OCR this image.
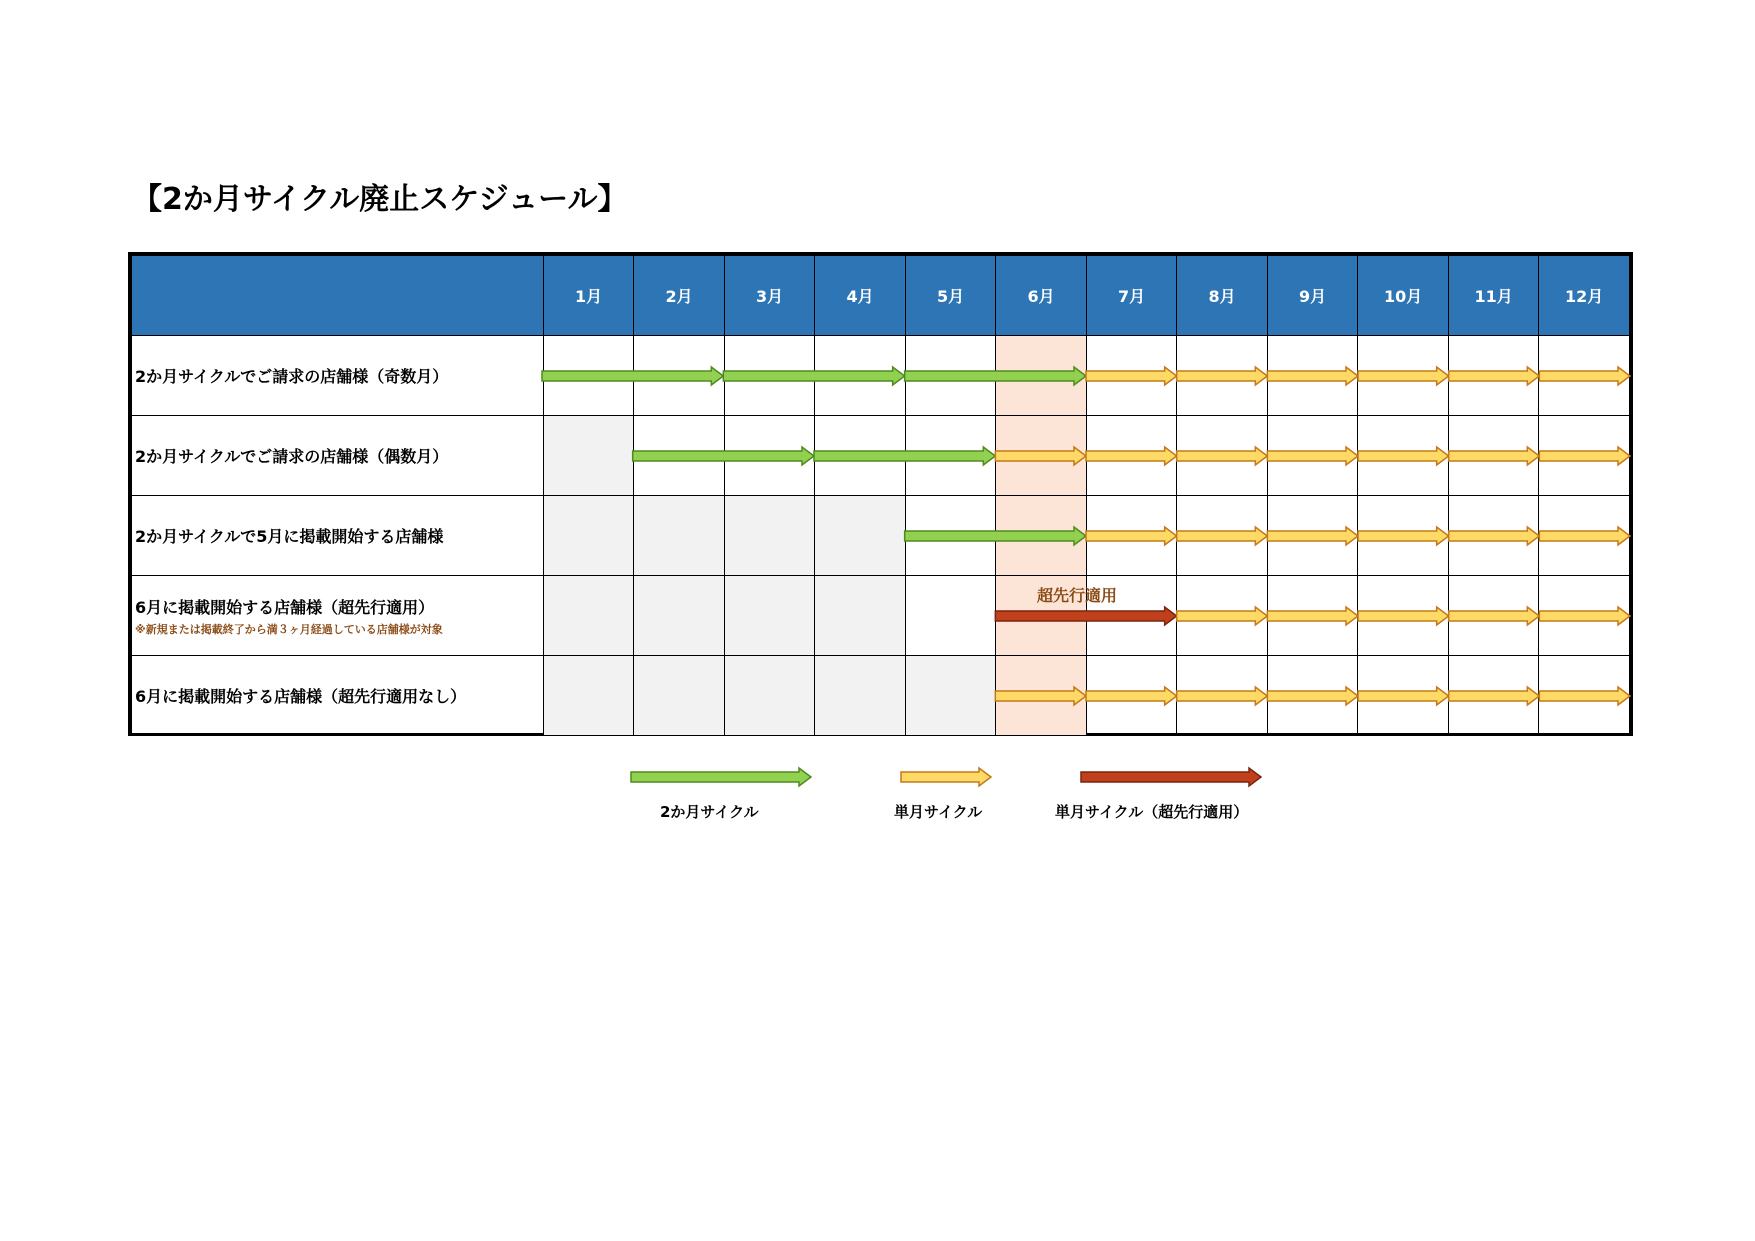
【2か月サイクル廃止スケジュール】
	1月	2月	3月	4月	5月	6月	7月	8月	9月	10月	11月	12月
2か月サイクルでご請求の店舗様（奇数月）												
2か月サイクルでご請求の店舗様（偶数月）												
2か月サイクルで5月に掲載開始する店舗様												
6月に掲載開始する店舗様（超先行適用）
※新規または掲載終了から満３ヶ月経過している店舗様が対象												

6月に掲載開始する店舗様（超先行適用なし）												
超先行適用
2か月サイクル	単月サイクル	単月サイクル（超先行適用）
